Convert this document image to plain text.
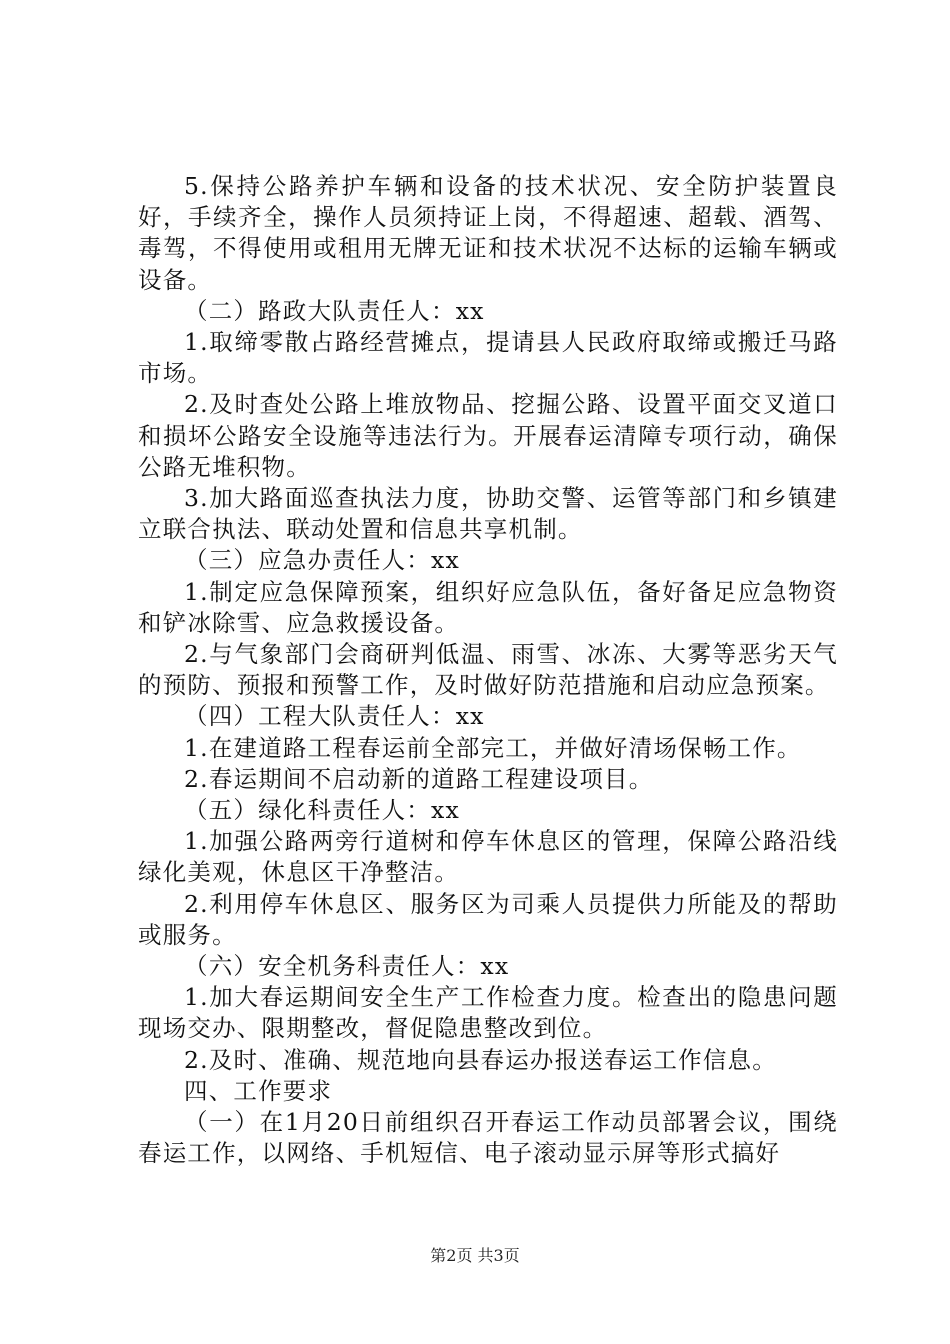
5.保持公路养护车辆和设备的技术状况、安全防护装置良好，手续齐全，操作人员须持证上岗，不得超速、超载、酒驾、毒驾，不得使用或租用无牌无证和技术状况不达标的运输车辆或设备。

（二）路政大队责任人：xx

1.取缔零散占路经营摊点，提请县人民政府取缔或搬迁马路市场。

2.及时查处公路上堆放物品、挖掘公路、设置平面交叉道口和损坏公路安全设施等违法行为。开展春运清障专项行动，确保公路无堆积物。

3.加大路面巡查执法力度，协助交警、运管等部门和乡镇建立联合执法、联动处置和信息共享机制。

（三）应急办责任人：xx

1.制定应急保障预案，组织好应急队伍，备好备足应急物资和铲冰除雪、应急救援设备。

2.与气象部门会商研判低温、雨雪、冰冻、大雾等恶劣天气的预防、预报和预警工作，及时做好防范措施和启动应急预案。

（四）工程大队责任人：xx

1.在建道路工程春运前全部完工，并做好清场保畅工作。

2.春运期间不启动新的道路工程建设项目。

（五）绿化科责任人：xx

1.加强公路两旁行道树和停车休息区的管理，保障公路沿线绿化美观，休息区干净整洁。

2.利用停车休息区、服务区为司乘人员提供力所能及的帮助或服务。

（六）安全机务科责任人：xx

1.加大春运期间安全生产工作检查力度。检查出的隐患问题现场交办、限期整改，督促隐患整改到位。

2.及时、准确、规范地向县春运办报送春运工作信息。

四、工作要求

（一）在1月20日前组织召开春运工作动员部署会议，围绕春运工作，以网络、手机短信、电子滚动显示屏等形式搞好

第2页 共3页
